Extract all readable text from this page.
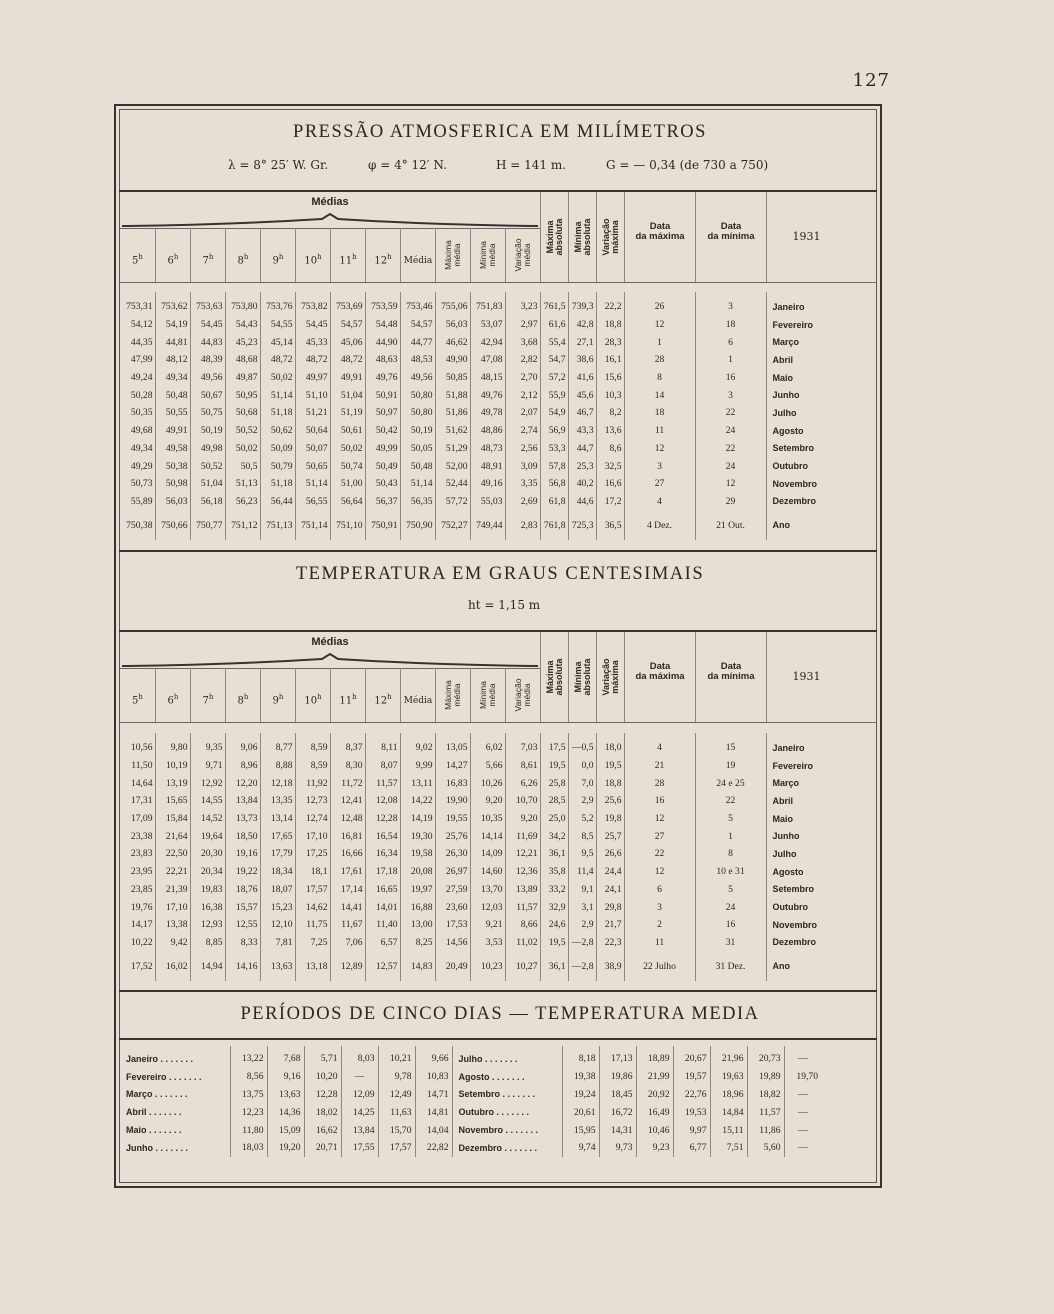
127
PRESSÃO ATMOSFERICA EM MILÍMETROS
λ = 8° 25′ W. Gr.	φ = 4° 12′ N.	H = 141 m.	G = — 0,34 (de 730 a 750)
Médias
5$^h$	6$^h$	7$^h$	8$^h$	9$^h$	10$^h$	11$^h$	12$^h$	Média	Máxima média Mínima média Variação média
Máxima absoluta Mínima absoluta Variação máxima	Data
da máxima
Data
da mínima	1931
753,31	753,62	753,63	753,80	753,76	753,82	753,69	753,59	753,46	755,06	751,83	3,23	761,5	739,3	22,2	26	3	Janeiro
54,12	54,19	54,45	54,43	54,55	54,45	54,57	54,48	54,57	56,03	53,07	2,97	61,6	42,8	18,8	12	18	Fevereiro
44,35	44,81	44,83	45,23	45,14	45,33	45,06	44,90	44,77	46,62	42,94	3,68	55,4	27,1	28,3	1	6	Março
47,99	48,12	48,39	48,68	48,72	48,72	48,72	48,63	48,53	49,90	47,08	2,82	54,7	38,6	16,1	28	1	Abril
49,24	49,34	49,56	49,87	50,02	49,97	49,91	49,76	49,56	50,85	48,15	2,70	57,2	41,6	15,6	8	16	Maio
50,28	50,48	50,67	50,95	51,14	51,10	51,04	50,91	50,80	51,88	49,76	2,12	55,9	45,6	10,3	14	3	Junho
50,35	50,55	50,75	50,68	51,18	51,21	51,19	50,97	50,80	51,86	49,78	2,07	54,9	46,7	8,2	18	22	Julho
49,68	49,91	50,19	50,52	50,62	50,64	50,61	50,42	50,19	51,62	48,86	2,74	56,9	43,3	13,6	11	24	Agosto
49,34	49,58	49,98	50,02	50,09	50,07	50,02	49,99	50,05	51,29	48,73	2,56	53,3	44,7	8,6	12	22	Setembro
49,29	50,38	50,52	50,5	50,79	50,65	50,74	50,49	50,48	52,00	48,91	3,09	57,8	25,3	32,5	3	24	Outubro
50,73	50,98	51,04	51,13	51,18	51,14	51,00	50,43	51,14	52,44	49,16	3,35	56,8	40,2	16,6	27	12	Novembro
55,89	56,03	56,18	56,23	56,44	56,55	56,64	56,37	56,35	57,72	55,03	2,69	61,8	44,6	17,2	4	29	Dezembro
750,38	750,66	750,77	751,12	751,13	751,14	751,10	750,91	750,90	752,27	749,44	2,83	761,8	725,3	36,5	4 Dez.	21 Out.	Ano
TEMPERATURA EM GRAUS CENTESIMAIS
ht = 1,15 m
Médias
5$^h$	6$^h$	7$^h$	8$^h$	9$^h$	10$^h$	11$^h$	12$^h$	Média	Máxima média Mínima média Variação média
Máxima absoluta Mínima absoluta Variação máxima	Data
da máxima
Data
da mínima	1931
10,56	9,80	9,35	9,06	8,77	8,59	8,37	8,11	9,02	13,05	6,02	7,03	17,5	—0,5	18,0	4	15	Janeiro
11,50	10,19	9,71	8,96	8,88	8,59	8,30	8,07	9,99	14,27	5,66	8,61	19,5	0,0	19,5	21	19	Fevereiro
14,64	13,19	12,92	12,20	12,18	11,92	11,72	11,57	13,11	16,83	10,26	6,26	25,8	7,0	18,8	28	24 e 25	Março
17,31	15,65	14,55	13,84	13,35	12,73	12,41	12,08	14,22	19,90	9,20	10,70	28,5	2,9	25,6	16	22	Abril
17,09	15,84	14,52	13,73	13,14	12,74	12,48	12,28	14,19	19,55	10,35	9,20	25,0	5,2	19,8	12	5	Maio
23,38	21,64	19,64	18,50	17,65	17,10	16,81	16,54	19,30	25,76	14,14	11,69	34,2	8,5	25,7	27	1	Junho
23,83	22,50	20,30	19,16	17,79	17,25	16,66	16,34	19,58	26,30	14,09	12,21	36,1	9,5	26,6	22	8	Julho
23,95	22,21	20,34	19,22	18,34	18,1	17,61	17,18	20,08	26,97	14,60	12,36	35,8	11,4	24,4	12	10 e 31	Agosto
23,85	21,39	19,83	18,76	18,07	17,57	17,14	16,65	19,97	27,59	13,70	13,89	33,2	9,1	24,1	6	5	Setembro
19,76	17,10	16,38	15,57	15,23	14,62	14,41	14,01	16,88	23,60	12,03	11,57	32,9	3,1	29,8	3	24	Outubro
14,17	13,38	12,93	12,55	12,10	11,75	11,67	11,40	13,00	17,53	9,21	8,66	24,6	2,9	21,7	2	16	Novembro
10,22	9,42	8,85	8,33	7,81	7,25	7,06	6,57	8,25	14,56	3,53	11,02	19,5	—2,8	22,3	11	31	Dezembro
17,52	16,02	14,94	14,16	13,63	13,18	12,89	12,57	14,83	20,49	10,23	10,27	36,1	—2,8	38,9	22 Julho	31 Dez.	Ano
PERÍODOS DE CINCO DIAS — TEMPERATURA MEDIA
Janeiro . . . . . . .	13,22	7,68	5,71	8,03	10,21	9,66	Julho . . . . . . .	8,18	17,13	18,89	20,67	21,96	20,73	—
Fevereiro . . . . . . .	8,56	9,16	10,20	—	9,78	10,83	Agosto . . . . . . .	19,38	19,86	21,99	19,57	19,63	19,89	19,70
Março . . . . . . .	13,75	13,63	12,28	12,09	12,49	14,71	Setembro . . . . . . .	19,24	18,45	20,92	22,76	18,96	18,82	—
Abril . . . . . . .	12,23	14,36	18,02	14,25	11,63	14,81	Outubro . . . . . . .	20,61	16,72	16,49	19,53	14,84	11,57	—
Maio . . . . . . .	11,80	15,09	16,62	13,84	15,70	14,04	Novembro . . . . . . .	15,95	14,31	10,46	9,97	15,11	11,86	—
Junho . . . . . . .	18,03	19,20	20,71	17,55	17,57	22,82	Dezembro . . . . . . .	9,74	9,73	9,23	6,77	7,51	5,60	—
